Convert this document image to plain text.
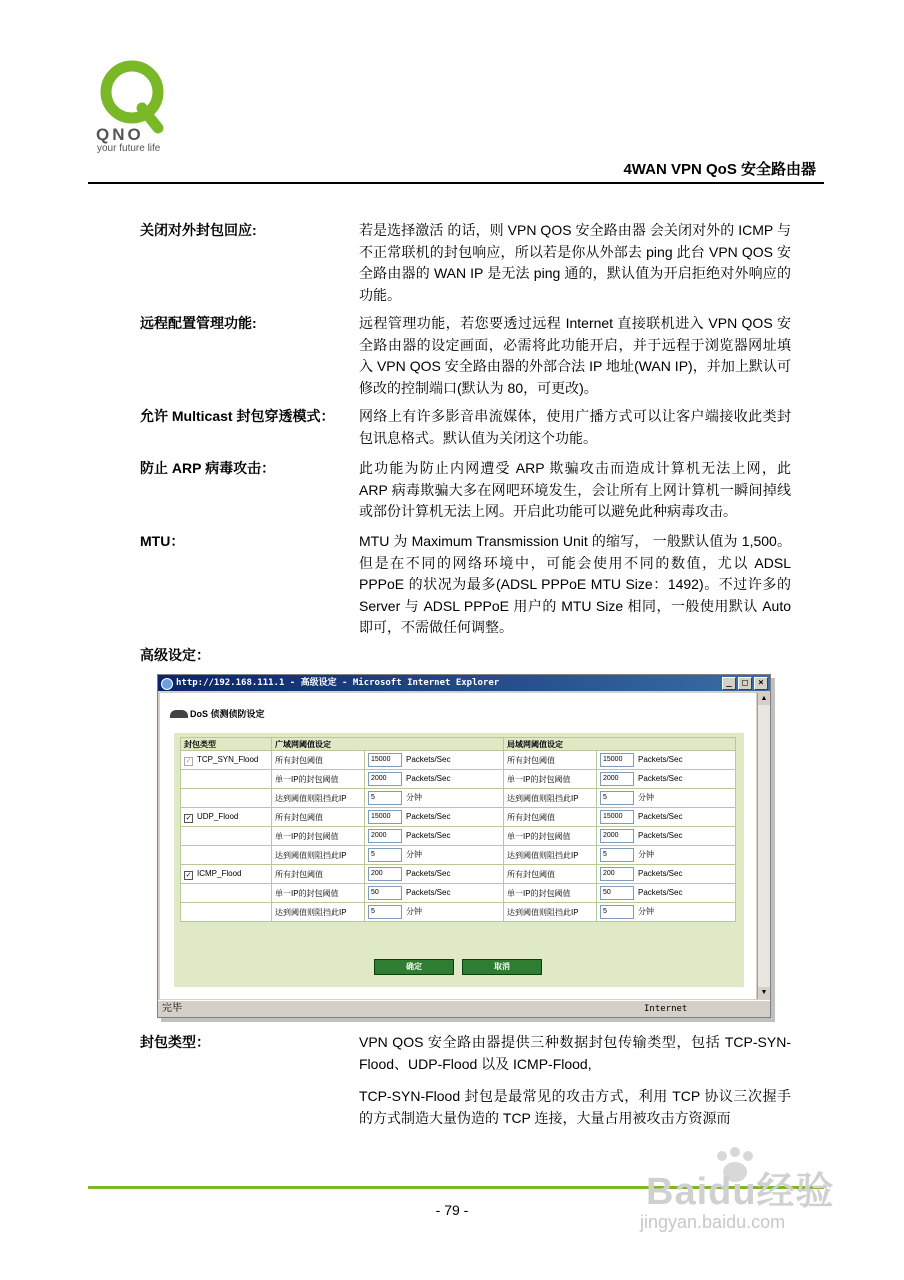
QNO
your future life
4WAN VPN QoS 安全路由器
关闭对外封包回应:	若是选择激活 的话，则 VPN QOS 安全路由器 会关闭对外的 ICMP 与不正常联机的封包响应，所以若是你从外部去 ping 此台 VPN QOS 安全路由器的 WAN IP 是无法 ping 通的，默认值为开启拒绝对外响应的功能。

远程配置管理功能:	远程管理功能，若您要透过远程 Internet 直接联机进入 VPN QOS 安全路由器的设定画面，必需将此功能开启，并于远程于浏览器网址填入 VPN QOS 安全路由器的外部合法 IP 地址(WAN IP)，并加上默认可修改的控制端口(默认为 80，可更改)。

允许 Multicast 封包穿透模式： 网络上有许多影音串流媒体，使用广播方式可以让客户端接收此类封包讯息格式。默认值为关闭这个功能。

防止 ARP 病毒攻击：	此功能为防止内网遭受 ARP 欺骗攻击而造成计算机无法上网，此 ARP 病毒欺骗大多在网吧环境发生，会让所有上网计算机一瞬间掉线或部份计算机无法上网。开启此功能可以避免此种病毒攻击。

MTU：	MTU 为 Maximum Transmission Unit 的缩写， 一般默认值为 1,500。但是在不同的网络环境中，可能会使用不同的数值，尤以 ADSL PPPoE 的状况为最多(ADSL PPPoE MTU Size：1492)。不过许多的 Server 与 ADSL PPPoE 用户的 MTU Size 相同，一般使用默认 Auto 即可，不需做任何调整。

高级设定：
http://192.168.111.1 - 高级设定 - Microsoft Internet Explorer	_	□	×
DoS 侦测侦防设定
封包类型	广域网阈值设定		局域网阈值设定	
✓ TCP_SYN_Flood	所有封包阈值	15000 Packets/Sec	所有封包阈值	15000 Packets/Sec
	单一IP的封包阈值	2000 Packets/Sec	单一IP的封包阈值	2000 Packets/Sec
	达到阈值则阻挡此IP	5 分钟	达到阈值则阻挡此IP	5 分钟
✓ UDP_Flood	所有封包阈值	15000 Packets/Sec	所有封包阈值	15000 Packets/Sec
	单一IP的封包阈值	2000 Packets/Sec	单一IP的封包阈值	2000 Packets/Sec
	达到阈值则阻挡此IP	5 分钟	达到阈值则阻挡此IP	5 分钟
✓ ICMP_Flood	所有封包阈值	200 Packets/Sec	所有封包阈值	200 Packets/Sec
	单一IP的封包阈值	50 Packets/Sec	单一IP的封包阈值	50 Packets/Sec
	达到阈值则阻挡此IP	5 分钟	达到阈值则阻挡此IP	5 分钟
确定	取消
▲
▼
完毕	Internet
封包类型：	VPN QOS 安全路由器提供三种数据封包传输类型，包括 TCP-SYN-Flood、UDP-Flood 以及 ICMP-Flood,

TCP-SYN-Flood 封包是最常见的攻击方式，利用 TCP 协议三次握手的方式制造大量伪造的 TCP 连接，大量占用被攻击方资源而

- 79 -	Baidu经验
jingyan.baidu.com
